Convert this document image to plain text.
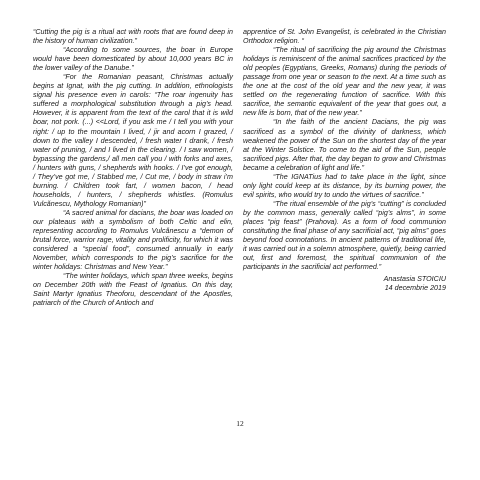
“Cutting the pig is a ritual act with roots that are found deep in the history of human civilization.”

“According to some sources, the boar in Europe would have been domesticated by about 10,000 years BC in the lower valley of the Danube.”

“For the Romanian peasant, Christmas actually begins at Ignat, with the pig cutting. In addition, ethnologists signal his presence even in carols: “The roar ingenuity has suffered a morphological substitution through a pig’s head. However, it is apparent from the text of the carol that it is wild boar, not pork. (...) <<Lord, if you ask me / I tell you with your right: / up to the mountain I lived, / jir and acorn I grazed, / down to the valley I descended, / fresh water I drank, / fresh water of pruning, / and I lived in the clearing. / I saw women, / bypassing the gardens,/ all men call you / with forks and axes, / hunters with guns, / shepherds with hooks. / I’ve got enough, / They’ve got me, / Stabbed me, / Cut me, / body in straw i’m burning. / Children took fart, / women bacon, / head households, / hunters, / shepherds whistles. (Romulus Vulcănescu, Mythology Romanian)”

“A sacred animal for dacians, the boar was loaded on our plateaus with a symbolism of both Celtic and elin, representing according to Romulus Vulcănescu a “demon of brutal force, warrior rage, vitality and prolificity, for which it was considered a “special food”, consumed annually in early November, which corresponds to the pig’s sacrifice for the winter holidays: Christmas and New Year.”

“The winter holidays, which span three weeks, begins on December 20th with the Feast of Ignatius. On this day, Saint Martyr Ignatius Theoforu, descendant of the Apostles, patriarch of the Church of Antioch and

apprentice of St. John Evangelist, is celebrated in the Christian Orthodox religion. “

“The ritual of sacrificing the pig around the Christmas holidays is reminiscent of the animal sacrifices practiced by the old peoples (Egyptians, Greeks, Romans) during the periods of passage from one year or season to the next. At a time such as the one at the cost of the old year and the new year, it was settled on the regenerating function of sacrifice. With this sacrifice, the semantic equivalent of the year that goes out, a new life is born, that of the new year.”

“In the faith of the ancient Dacians, the pig was sacrificed as a symbol of the divinity of darkness, which weakened the power of the Sun on the shortest day of the year at the Winter Solstice. To come to the aid of the Sun, people sacrificed pigs. After that, the day began to grow and Christmas became a celebration of light and life.”

“The IGNATius had to take place in the light, since only light could keep at its distance, by its burning power, the evil spirits, who would try to undo the virtues of sacrifice.”

“The ritual ensemble of the pig’s “cutting” is concluded by the common mass, generally called “pig’s alms”, in some places “pig feast” (Prahova). As a form of food communion constituting the final phase of any sacrificial act, “pig alms” goes beyond food connotations. In ancient patterns of traditional life, it was carried out in a solemn atmosphere, quietly, being carried out, first and foremost, the spiritual communion of the participants in the sacrificial act performed.”

Anastasia STOICIU
14 decembrie 2019
12
